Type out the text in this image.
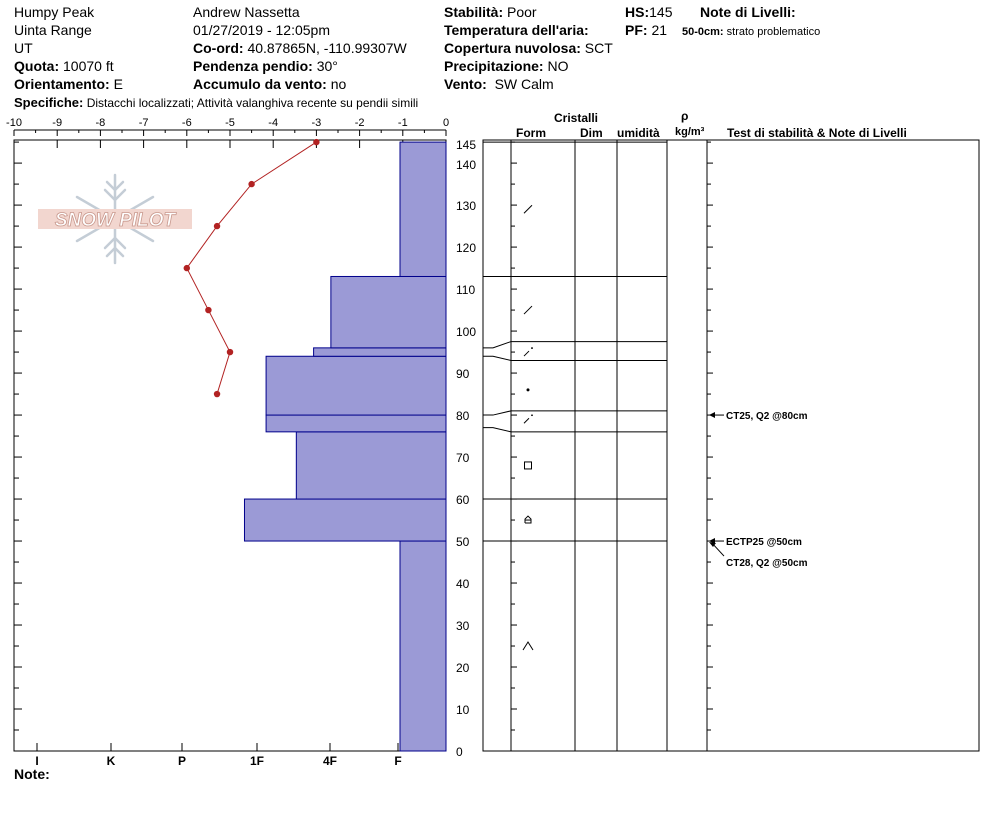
Humpy Peak
Uinta Range
UT
Quota: 10070 ft
Orientamento: E
Specifiche: Distacchi localizzati; Attività valanghiva recente su pendii simili
Andrew Nassetta
01/27/2019 - 12:05pm
Co-ord: 40.87865N, -110.99307W
Pendenza pendio: 30°
Accumulo da vento: no
Stabilità: Poor
Temperatura dell'aria:
Copertura nuvolosa: SCT
Precipitazione: NO
Vento: SW Calm
HS:145
PF: 21
Note di Livelli:
50-0cm: strato problematico
Cristalli
Form	Dim umidità
ρ
kg/m³ Test di stabilità & Note di Livelli
Note:
SNOW PILOT
-10	-9	-8	-7	-6	-5	-4	-3	-2	-1	0
I	K	P	1F	4F	F
0
10
20
30
40
50
60
70
80
90
100
110
120
130
140
145
CT25, Q2 @80cm
ECTP25 @50cm
CT28, Q2 @50cm
